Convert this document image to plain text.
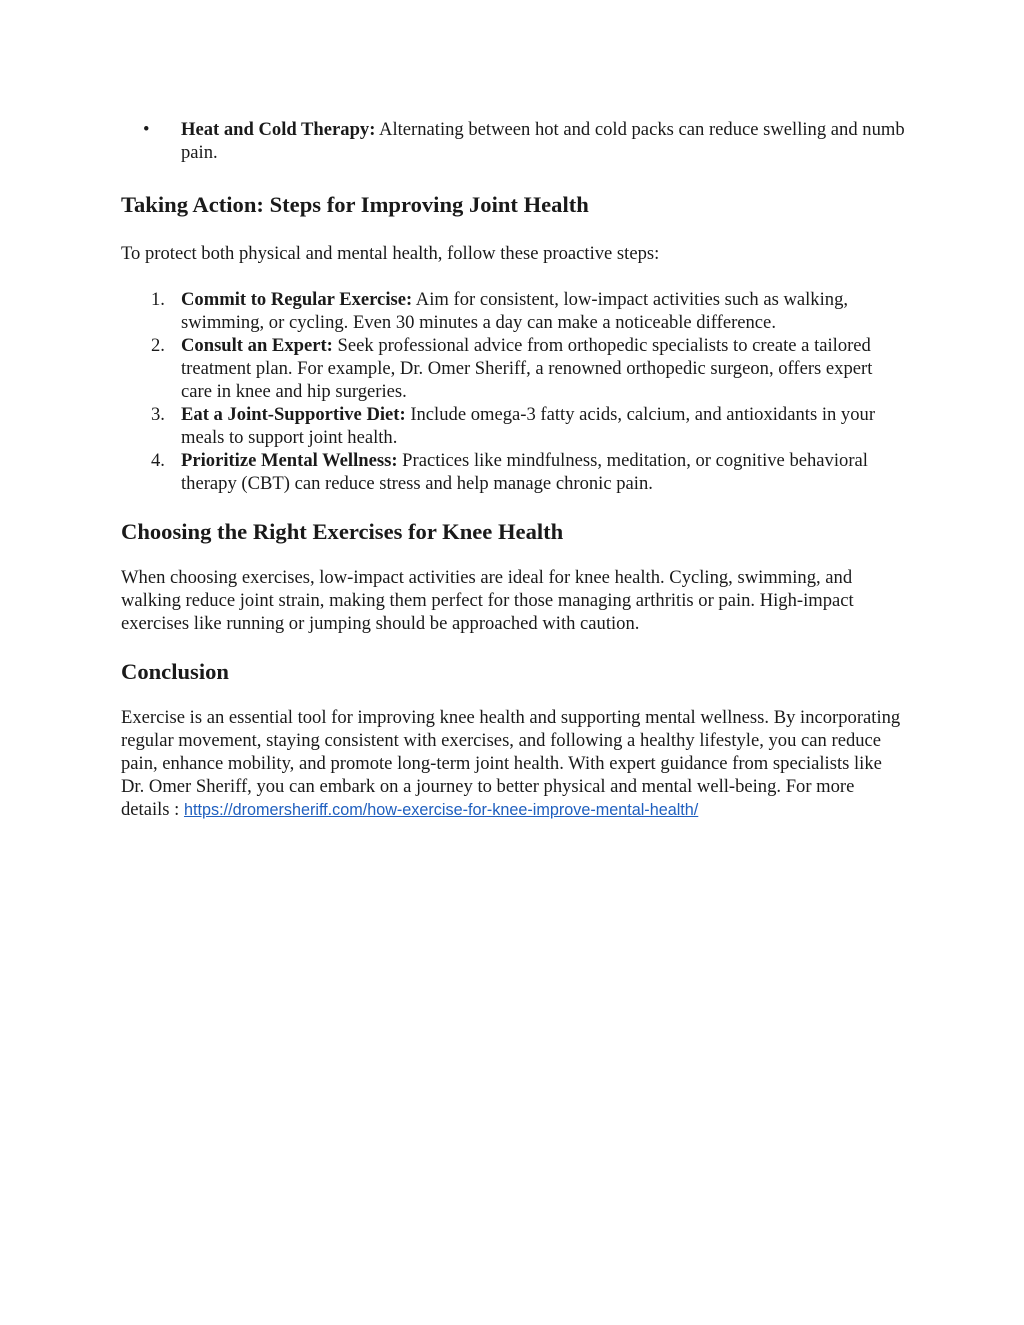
•	Heat and Cold Therapy: Alternating between hot and cold packs can reduce swelling and numb pain.
Taking Action: Steps for Improving Joint Health

To protect both physical and mental health, follow these proactive steps:

1. Commit to Regular Exercise: Aim for consistent, low-impact activities such as walking, swimming, or cycling. Even 30 minutes a day can make a noticeable difference.
2. Consult an Expert: Seek professional advice from orthopedic specialists to create a tailored treatment plan. For example, Dr. Omer Sheriff, a renowned orthopedic surgeon, offers expert care in knee and hip surgeries.
3. Eat a Joint-Supportive Diet: Include omega-3 fatty acids, calcium, and antioxidants in your meals to support joint health.
4. Prioritize Mental Wellness: Practices like mindfulness, meditation, or cognitive behavioral therapy (CBT) can reduce stress and help manage chronic pain.
Choosing the Right Exercises for Knee Health

When choosing exercises, low-impact activities are ideal for knee health. Cycling, swimming, and walking reduce joint strain, making them perfect for those managing arthritis or pain. High-impact exercises like running or jumping should be approached with caution.

Conclusion

Exercise is an essential tool for improving knee health and supporting mental wellness. By incorporating regular movement, staying consistent with exercises, and following a healthy lifestyle, you can reduce pain, enhance mobility, and promote long-term joint health. With expert guidance from specialists like Dr. Omer Sheriff, you can embark on a journey to better physical and mental well-being. For more details : https://dromersheriff.com/how-exercise-for-knee-improve-mental-health/
